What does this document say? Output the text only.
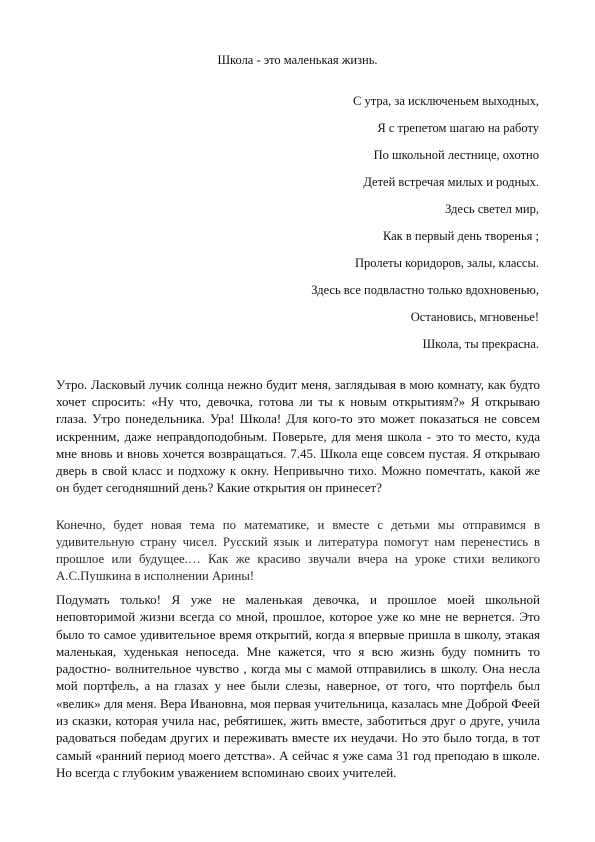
Школа - это маленькая жизнь.
С утра, за исключеньем выходных,
Я с трепетом шагаю на работу
По школьной лестнице, охотно
Детей встречая милых и родных.
Здесь светел мир,
Как в первый день творенья ;
Пролеты коридоров, залы, классы.
Здесь все подвластно только вдохновенью,
Остановись, мгновенье!
Школа, ты прекрасна.

Утро. Ласковый лучик солнца нежно будит меня, заглядывая в мою комнату, как будто хочет спросить: «Ну что, девочка, готова ли ты к новым открытиям?» Я открываю глаза. Утро понедельника. Ура! Школа! Для кого-то это может показаться не совсем искренним, даже неправдоподобным. Поверьте, для меня школа - это то место, куда мне вновь и вновь хочется возвращаться. 7.45. Школа еще совсем пустая. Я открываю дверь в свой класс и подхожу к окну. Непривычно тихо. Можно помечтать, какой же он будет сегодняшний день? Какие открытия он принесет?

Конечно, будет новая тема по математике, и вместе с детьми мы отправимся в удивительную страну чисел. Русский язык и литература помогут нам перенестись в прошлое или будущее.… Как же красиво звучали вчера на уроке стихи великого А.С.Пушкина в исполнении Арины!

Подумать только! Я уже не маленькая девочка, и прошлое моей школьной неповторимой жизни всегда со мной, прошлое, которое уже ко мне не вернется. Это было то самое удивительное время открытий, когда я впервые пришла в школу, этакая маленькая, худенькая непоседа. Мне кажется, что я всю жизнь буду помнить то радостно- волнительное чувство , когда мы с мамой отправились в школу. Она несла мой портфель, а на глазах у нее были слезы, наверное, от того, что портфель был «велик» для меня. Вера Ивановна, моя первая учительница, казалась мне Доброй Феей из сказки, которая учила нас, ребятишек, жить вместе, заботиться друг о друге, учила радоваться победам других и переживать вместе их неудачи. Но это было тогда, в тот самый «ранний период моего детства». А сейчас я уже сама 31 год преподаю в школе. Но всегда с глубоким уважением вспоминаю своих учителей.
